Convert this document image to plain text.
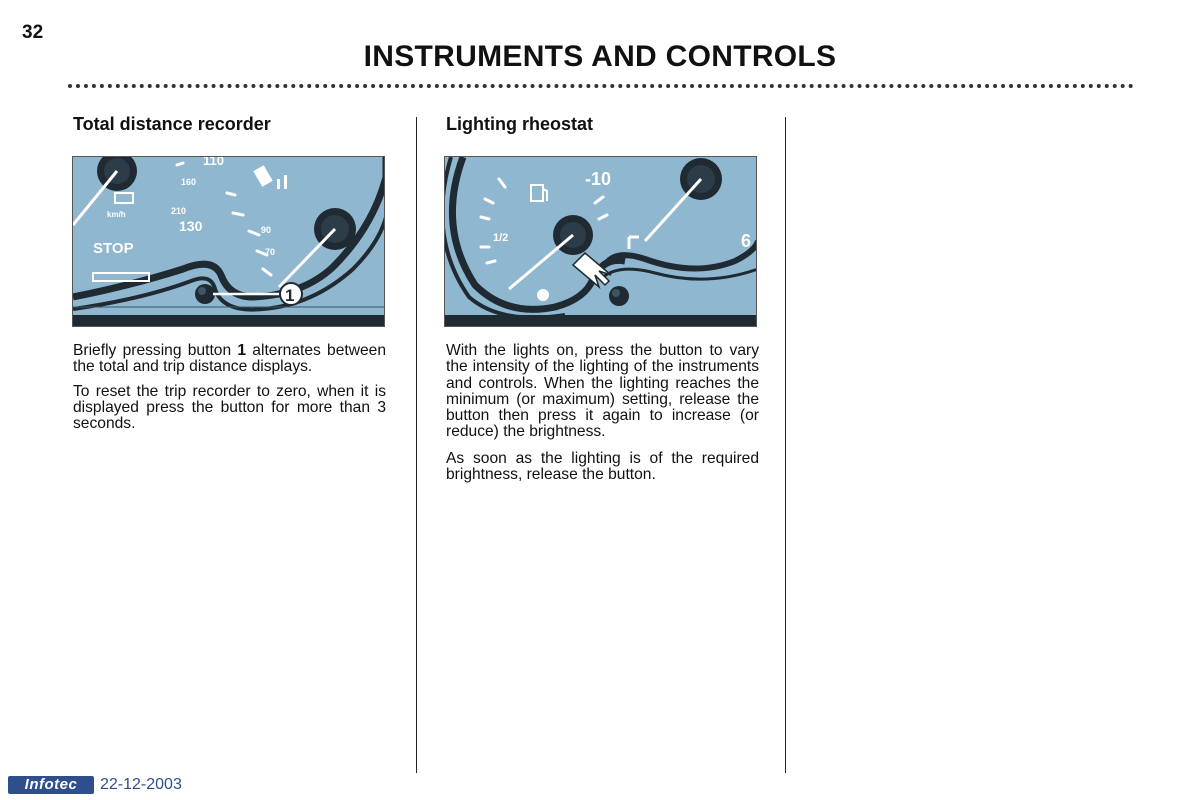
32
INSTRUMENTS AND CONTROLS
Total distance recorder
110
160
210
130	90
70
km/h
STOP
1

Briefly pressing button 1 alternates between the total and trip distance displays.

To reset the trip recorder to zero, when it is displayed press the button for more than 3 seconds.

Lighting rheostat
-10
1/2	6

With the lights on, press the button to vary the intensity of the lighting of the instruments and controls. When the lighting reaches the minimum (or maximum) setting, release the button then press it again to increase (or reduce) the brightness.

As soon as the lighting is of the required brightness, release the button.

Infotec	22-12-2003
